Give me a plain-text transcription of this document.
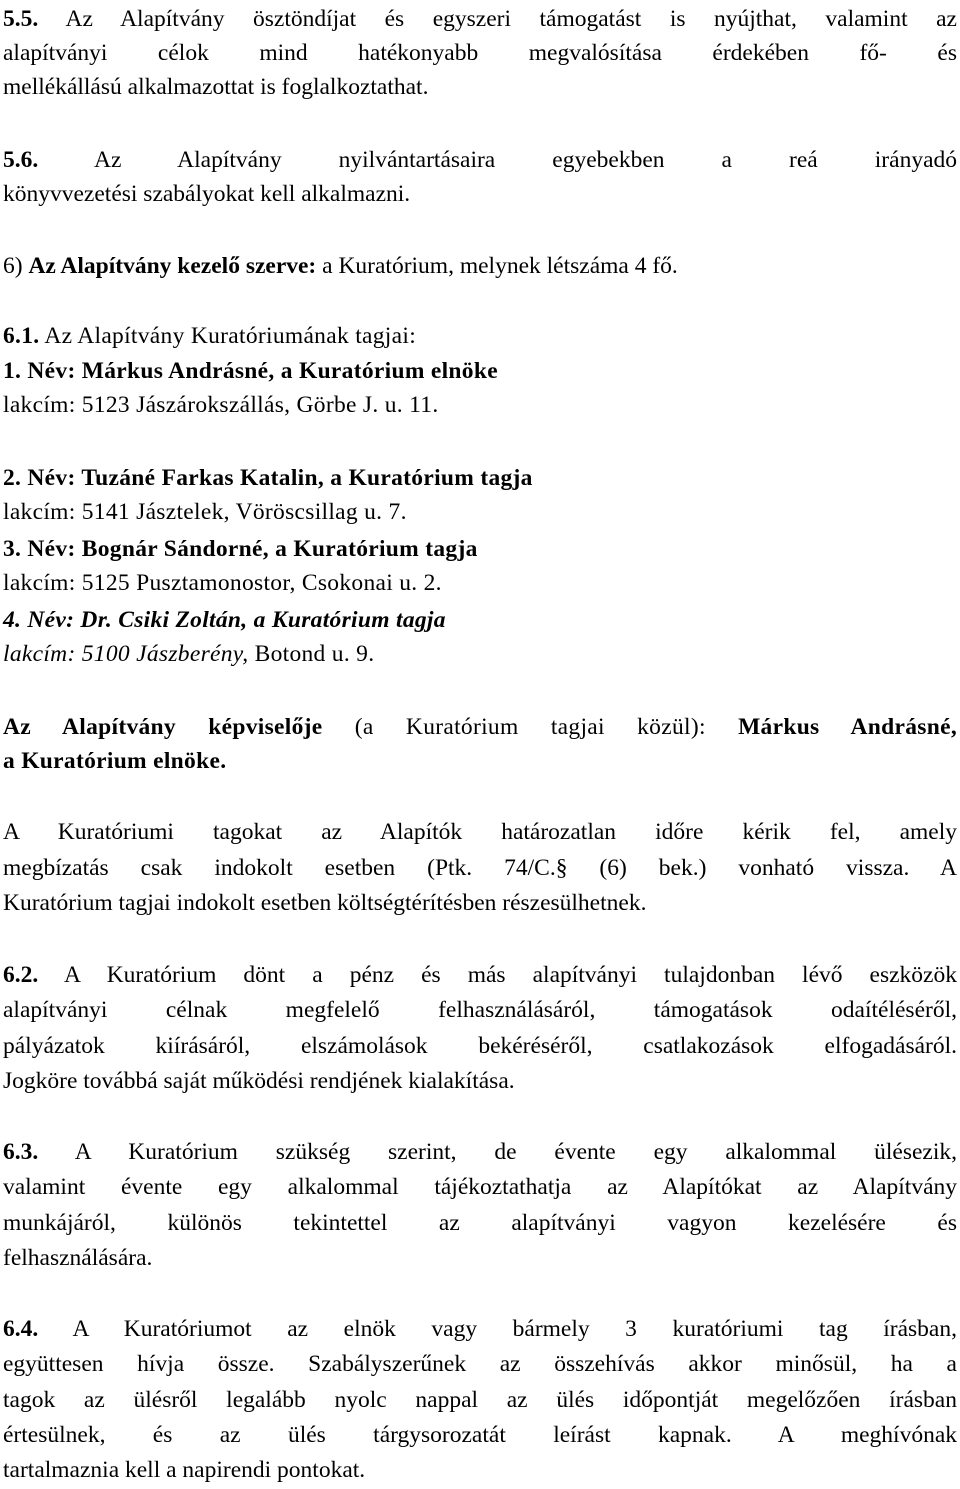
5.5. Az Alapítvány ösztöndíjat és egyszeri támogatást is nyújthat, valamint az
alapítványi célok mind hatékonyabb megvalósítása érdekében fő- és
mellékállású alkalmazottat is foglalkoztathat.
5.6. Az Alapítvány nyilvántartásaira egyebekben a reá irányadó
könyvvezetési szabályokat kell alkalmazni.
6) Az Alapítvány kezelő szerve: a Kuratórium, melynek létszáma 4 fő.
6.1. Az Alapítvány Kuratóriumának tagjai:
1. Név: Márkus Andrásné, a Kuratórium elnöke
lakcím: 5123 Jászárokszállás, Görbe J. u. 11.
2. Név: Tuzáné Farkas Katalin, a Kuratórium tagja
lakcím: 5141 Jásztelek, Vöröscsillag u. 7.
3. Név: Bognár Sándorné, a Kuratórium tagja
lakcím: 5125 Pusztamonostor, Csokonai u. 2.
4. Név: Dr. Csiki Zoltán, a Kuratórium tagja
lakcím: 5100 Jászberény, Botond u. 9.
Az Alapítvány képviselője (a Kuratórium tagjai közül): Márkus Andrásné,
a Kuratórium elnöke.
A Kuratóriumi tagokat az Alapítók határozatlan időre kérik fel, amely
megbízatás csak indokolt esetben (Ptk. 74/C.§ (6) bek.) vonható vissza. A
Kuratórium tagjai indokolt esetben költségtérítésben részesülhetnek.
6.2. A Kuratórium dönt a pénz és más alapítványi tulajdonban lévő eszközök
alapítványi célnak megfelelő felhasználásáról, támogatások odaítéléséről,
pályázatok kiírásáról, elszámolások bekéréséről, csatlakozások elfogadásáról.
Jogköre továbbá saját működési rendjének kialakítása.
6.3. A Kuratórium szükség szerint, de évente egy alkalommal ülésezik,
valamint évente egy alkalommal tájékoztathatja az Alapítókat az Alapítvány
munkájáról, különös tekintettel az alapítványi vagyon kezelésére és
felhasználására.
6.4. A Kuratóriumot az elnök vagy bármely 3 kuratóriumi tag írásban,
együttesen hívja össze. Szabályszerűnek az összehívás akkor minősül, ha a
tagok az ülésről legalább nyolc nappal az ülés időpontját megelőzően írásban
értesülnek, és az ülés tárgysorozatát leírást kapnak. A meghívónak
tartalmaznia kell a napirendi pontokat.
